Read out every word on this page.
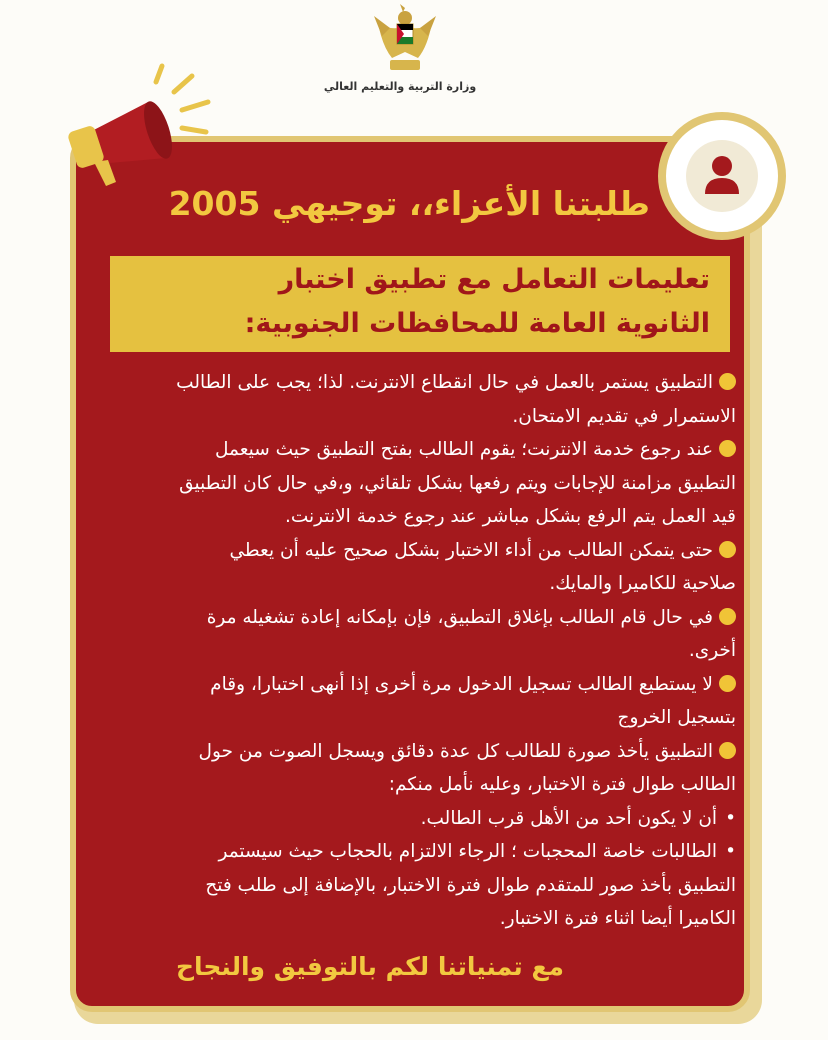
وزارة التربية والتعليم العالي
طلبتنا الأعزاء،، توجيهي 2005
تعليمات التعامل مع تطبيق اختبار
الثانوية العامة للمحافظات الجنوبية:
التطبيق يستمر بالعمل في حال انقطاع الانترنت. لذا؛ يجب على الطالب
الاستمرار في تقديم الامتحان.
عند رجوع خدمة الانترنت؛ يقوم الطالب بفتح التطبيق حيث سيعمل
التطبيق مزامنة للإجابات ويتم رفعها بشكل تلقائي، و،في حال كان التطبيق
قيد العمل يتم الرفع بشكل مباشر عند رجوع خدمة الانترنت.
حتى يتمكن الطالب من أداء الاختبار بشكل صحيح عليه أن يعطي
صلاحية للكاميرا والمايك.
في حال قام الطالب بإغلاق التطبيق، فإن بإمكانه إعادة تشغيله مرة
أخرى.
لا يستطيع الطالب تسجيل الدخول مرة أخرى إذا أنهى اختبارا، وقام
بتسجيل الخروج
التطبيق يأخذ صورة للطالب كل عدة دقائق ويسجل الصوت من حول
الطالب طوال فترة الاختبار، وعليه نأمل منكم:
•أن لا يكون أحد من الأهل قرب الطالب.
•الطالبات خاصة المحجبات ؛ الرجاء الالتزام بالحجاب حيث سيستمر
التطبيق بأخذ صور للمتقدم طوال فترة الاختبار، بالإضافة إلى طلب فتح
الكاميرا أيضا اثناء فترة الاختبار.
مع تمنياتنا لكم بالتوفيق والنجاح
